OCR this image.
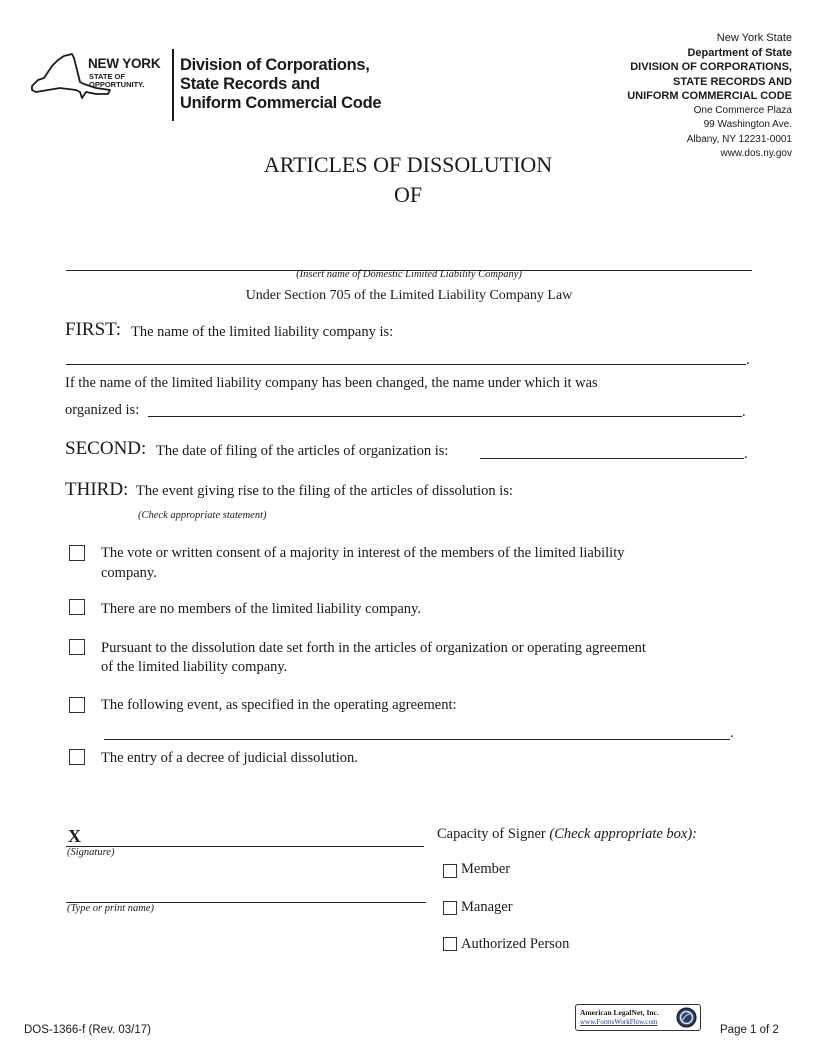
NEW YORK
STATE OF
OPPORTUNITY.
Division of Corporations,
State Records and
Uniform Commercial Code
New York State
Department of State
DIVISION OF CORPORATIONS,
STATE RECORDS AND
UNIFORM COMMERCIAL CODE
One Commerce Plaza
99 Washington Ave.
Albany, NY 12231-0001
www.dos.ny.gov
ARTICLES OF DISSOLUTION
OF
(Insert name of Domestic Limited Liability Company)
Under Section 705 of the Limited Liability Company Law
FIRST: The name of the limited liability company is:
.
If the name of the limited liability company has been changed, the name under which it was
organized is:	.
SECOND: The date of filing of the articles of organization is:	.
THIRD: The event giving rise to the filing of the articles of dissolution is:
(Check appropriate statement)
The vote or written consent of a majority in interest of the members of the limited liability
company.
There are no members of the limited liability company.
Pursuant to the dissolution date set forth in the articles of organization or operating agreement
of the limited liability company.
The following event, as specified in the operating agreement:
.
The entry of a decree of judicial dissolution.
X
(Signature)
(Type or print name)
Capacity of Signer (Check appropriate box):
Member
Manager
Authorized Person
DOS-1366-f (Rev. 03/17)
American LegalNet, Inc.
www.FormsWorkFlow.com
Page 1 of 2
